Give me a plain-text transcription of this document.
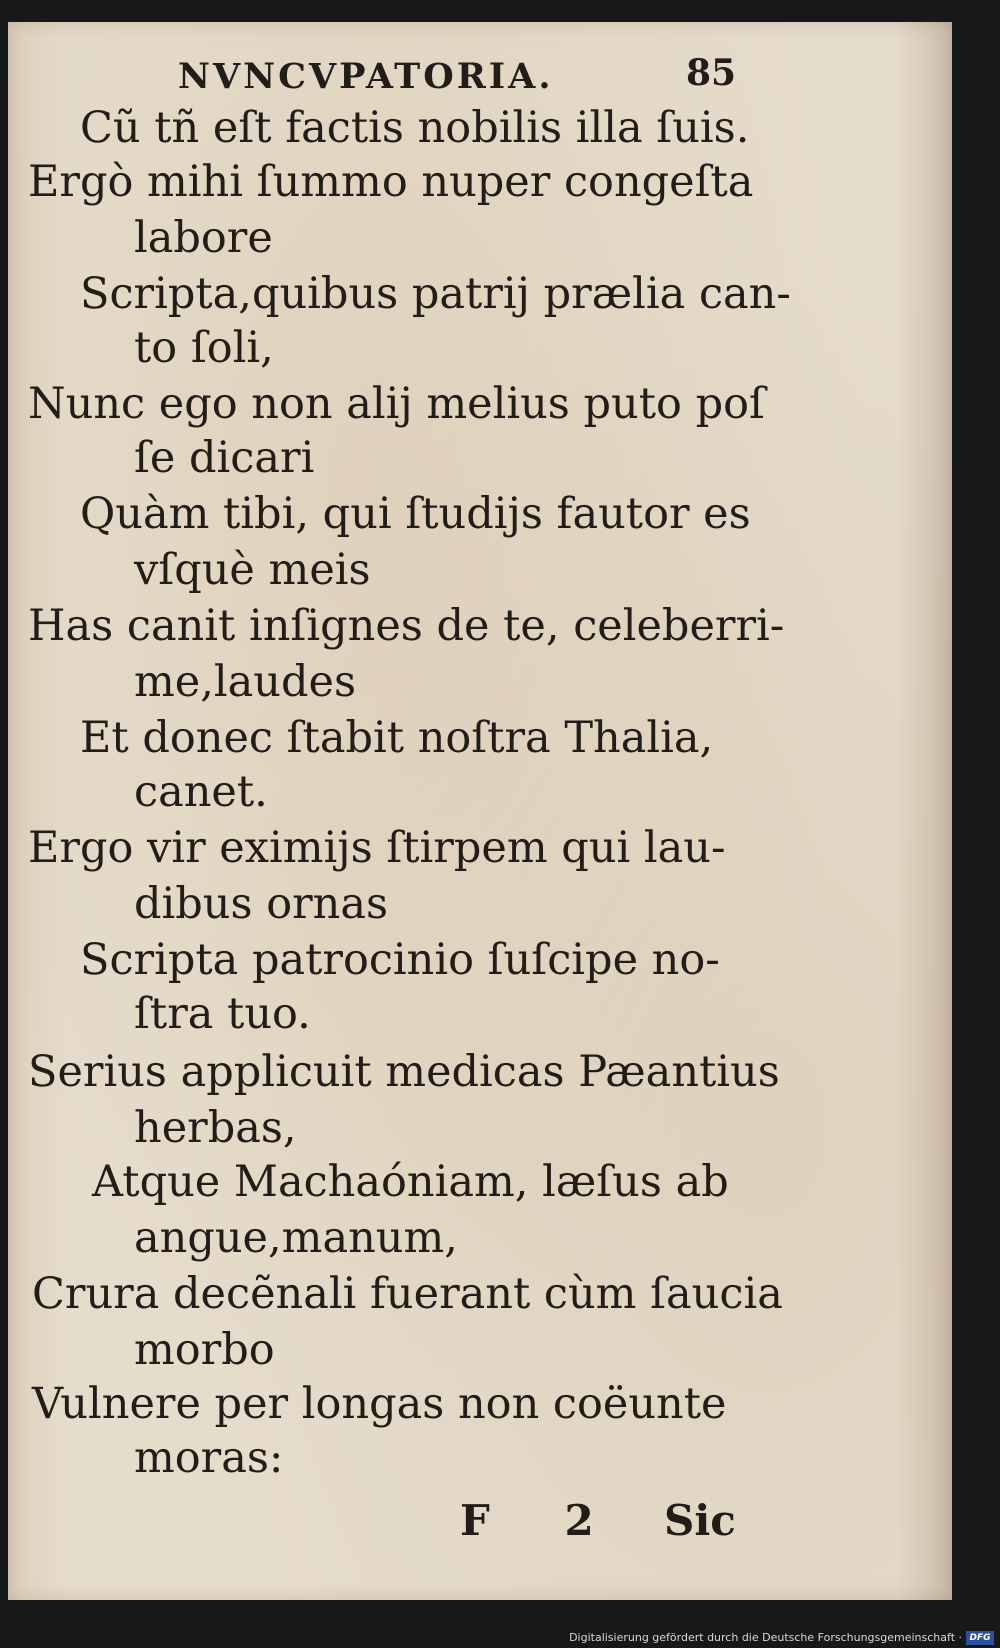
NVNCVPATORIA.	85
Cũ tñ eſt factis nobilis illa ſuis.
Ergò mihi ſummo nuper congeſta
labore
Scripta,quibus patrij prælia can-
to ſoli,
Nunc ego non alij melius puto poſ
ſe dicari
Quàm tibi, qui ſtudijs fautor es
vſquè meis
Has canit inſignes de te, celeberri-
me,laudes
Et donec ſtabit noſtra Thalia,
canet.
Ergo vir eximijs ſtirpem qui lau-
dibus ornas
Scripta patrocinio ſuſcipe no-
ſtra tuo.
Serius applicuit medicas Pæantius
herbas,
Atque Machaóniam, læſus ab
angue,manum,
Crura decẽnali fuerant cùm ſaucia
morbo
Vulnere per longas non coëunte
moras:
F 2 Sic
Digitalisierung gefördert durch die Deutsche Forschungsgemeinschaft · DFG
